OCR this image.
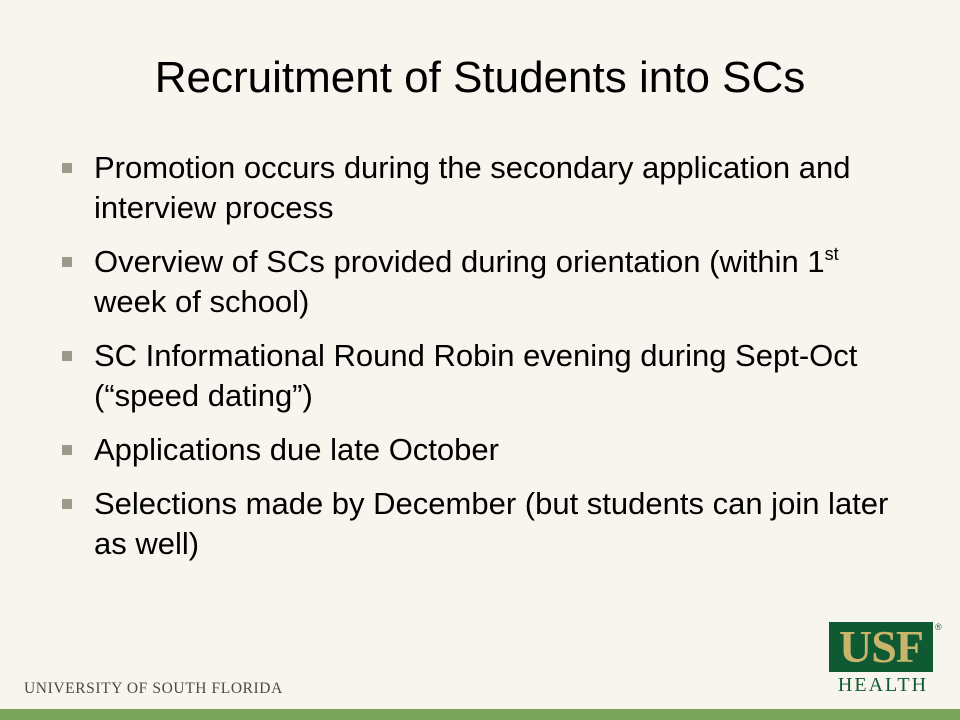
Recruitment of Students into SCs
Promotion occurs during the secondary application and interview process
Overview of SCs provided during orientation (within 1st week of school)
SC Informational Round Robin evening during Sept-Oct (“speed dating”)
Applications due late October
Selections made by December (but students can join later as well)
UNIVERSITY OF SOUTH FLORIDA
USF	®
HEALTH
